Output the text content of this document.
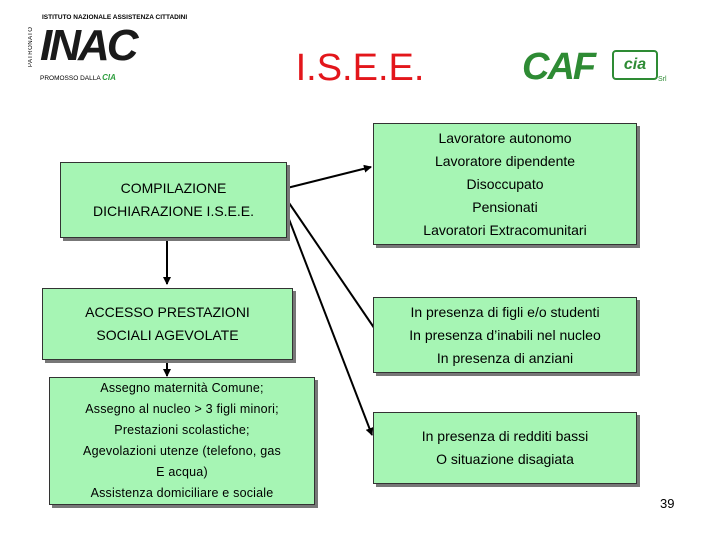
PATRONATO
ISTITUTO NAZIONALE ASSISTENZA CITTADINI
INAC
PROMOSSO DALLA CIA	I.S.E.E.	CAF	cia
Srl
COMPILAZIONE
DICHIARAZIONE I.S.E.E.
ACCESSO PRESTAZIONI
SOCIALI AGEVOLATE
Assegno maternità Comune;
Assegno al nucleo > 3 figli minori;
Prestazioni scolastiche;
Agevolazioni utenze (telefono, gas
E acqua)
Assistenza domiciliare e sociale
Lavoratore autonomo
Lavoratore dipendente
Disoccupato
Pensionati
Lavoratori Extracomunitari
In presenza di figli e/o studenti
In presenza d’inabili nel nucleo
In presenza di anziani
In presenza di redditi bassi
O situazione disagiata
39
